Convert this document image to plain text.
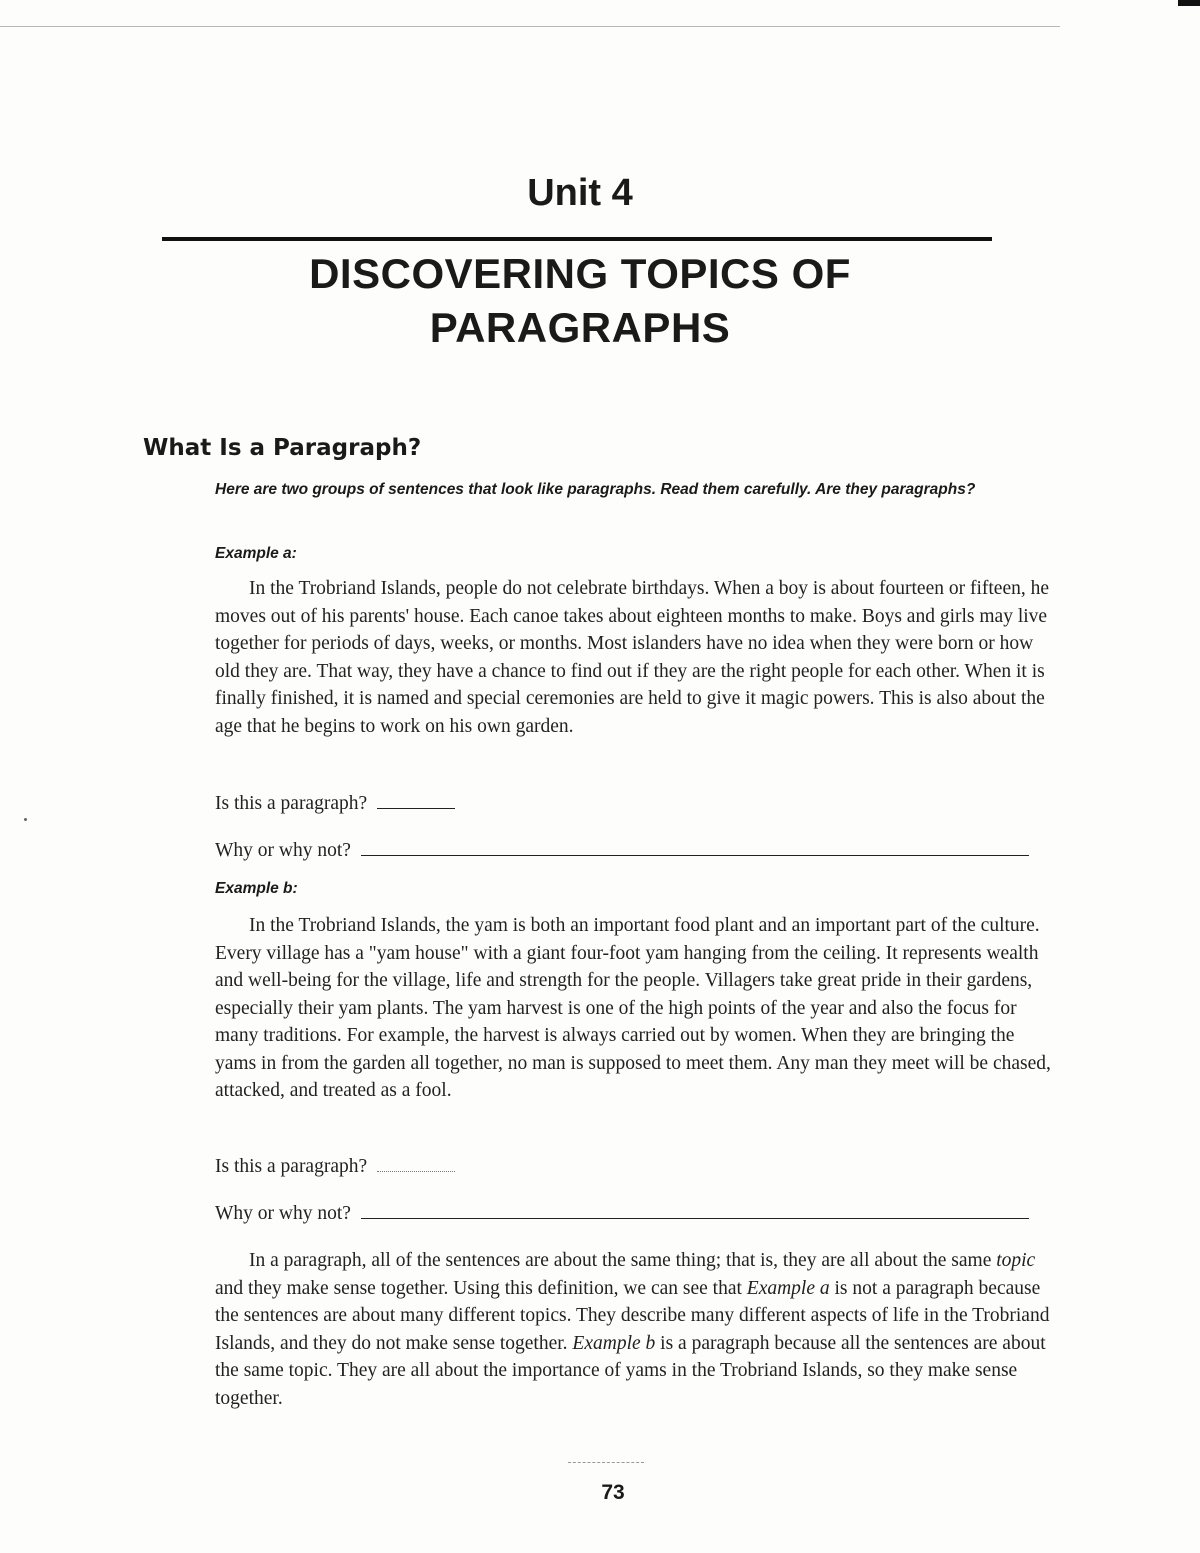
Unit 4
DISCOVERING TOPICS OF
PARAGRAPHS
What Is a Paragraph?

Here are two groups of sentences that look like paragraphs. Read them carefully. Are they paragraphs?

Example a:

In the Trobriand Islands, people do not celebrate birthdays. When a boy is about fourteen or fifteen, he moves out of his parents' house. Each canoe takes about eighteen months to make. Boys and girls may live together for periods of days, weeks, or months. Most islanders have no idea when they were born or how old they are. That way, they have a chance to find out if they are the right people for each other. When it is finally finished, it is named and special ceremonies are held to give it magic powers. This is also about the age that he begins to work on his own garden.

Is this a paragraph?
Why or why not?

Example b:

In the Trobriand Islands, the yam is both an important food plant and an important part of the culture. Every village has a "yam house" with a giant four-foot yam hanging from the ceiling. It represents wealth and well-being for the village, life and strength for the people. Villagers take great pride in their gardens, especially their yam plants. The yam harvest is one of the high points of the year and also the focus for many traditions. For example, the harvest is always carried out by women. When they are bringing the yams in from the garden all together, no man is supposed to meet them. Any man they meet will be chased, attacked, and treated as a fool.

Is this a paragraph?
Why or why not?

In a paragraph, all of the sentences are about the same thing; that is, they are all about the same topic and they make sense together. Using this definition, we can see that Example a is not a paragraph because the sentences are about many different topics. They describe many different aspects of life in the Trobriand Islands, and they do not make sense together. Example b is a paragraph because all the sentences are about the same topic. They are all about the importance of yams in the Trobriand Islands, so they make sense together.

73
